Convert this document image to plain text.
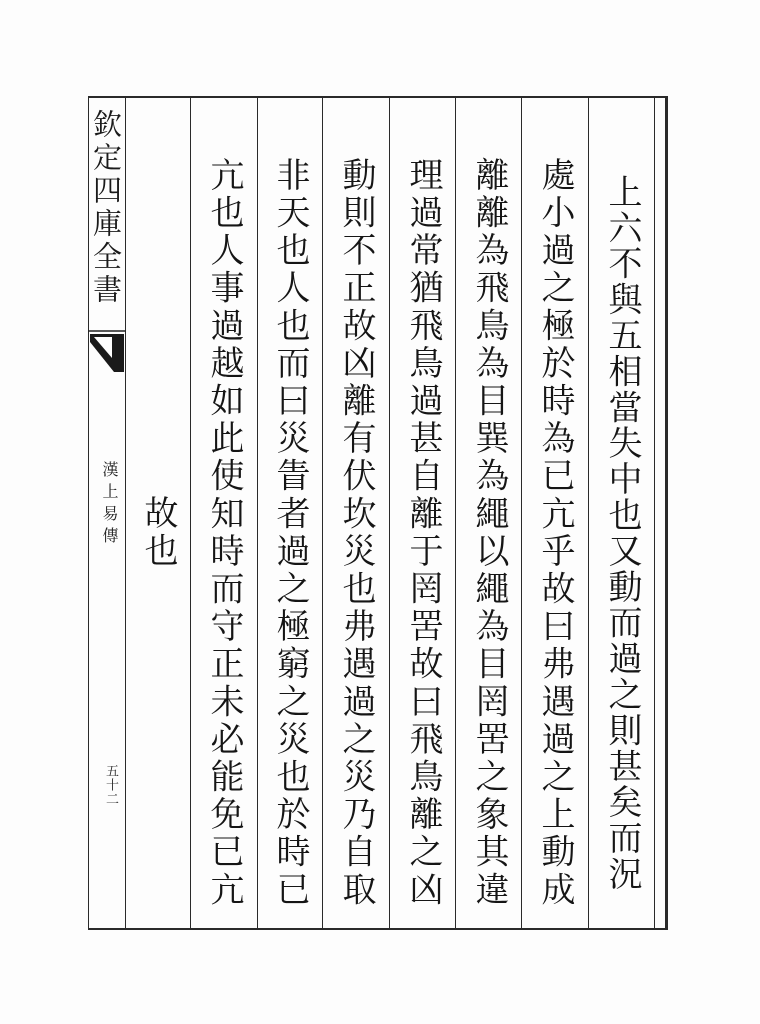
欽定四庫全書
漢上易傳
五十二	上六不與五相當失中也又動而過之則甚矣而況
處小過之極於時為已亢乎故曰弗遇過之上動成
離離為飛鳥為目巽為繩以繩為目罔罟之象其違
理過常猶飛鳥過甚自離于罔罟故曰飛鳥離之凶
動則不正故凶離有伏坎災也弗遇過之災乃自取
非天也人也而曰災眚者過之極窮之災也於時已
亢也人事過越如此使知時而守正未必能免已亢
故也
